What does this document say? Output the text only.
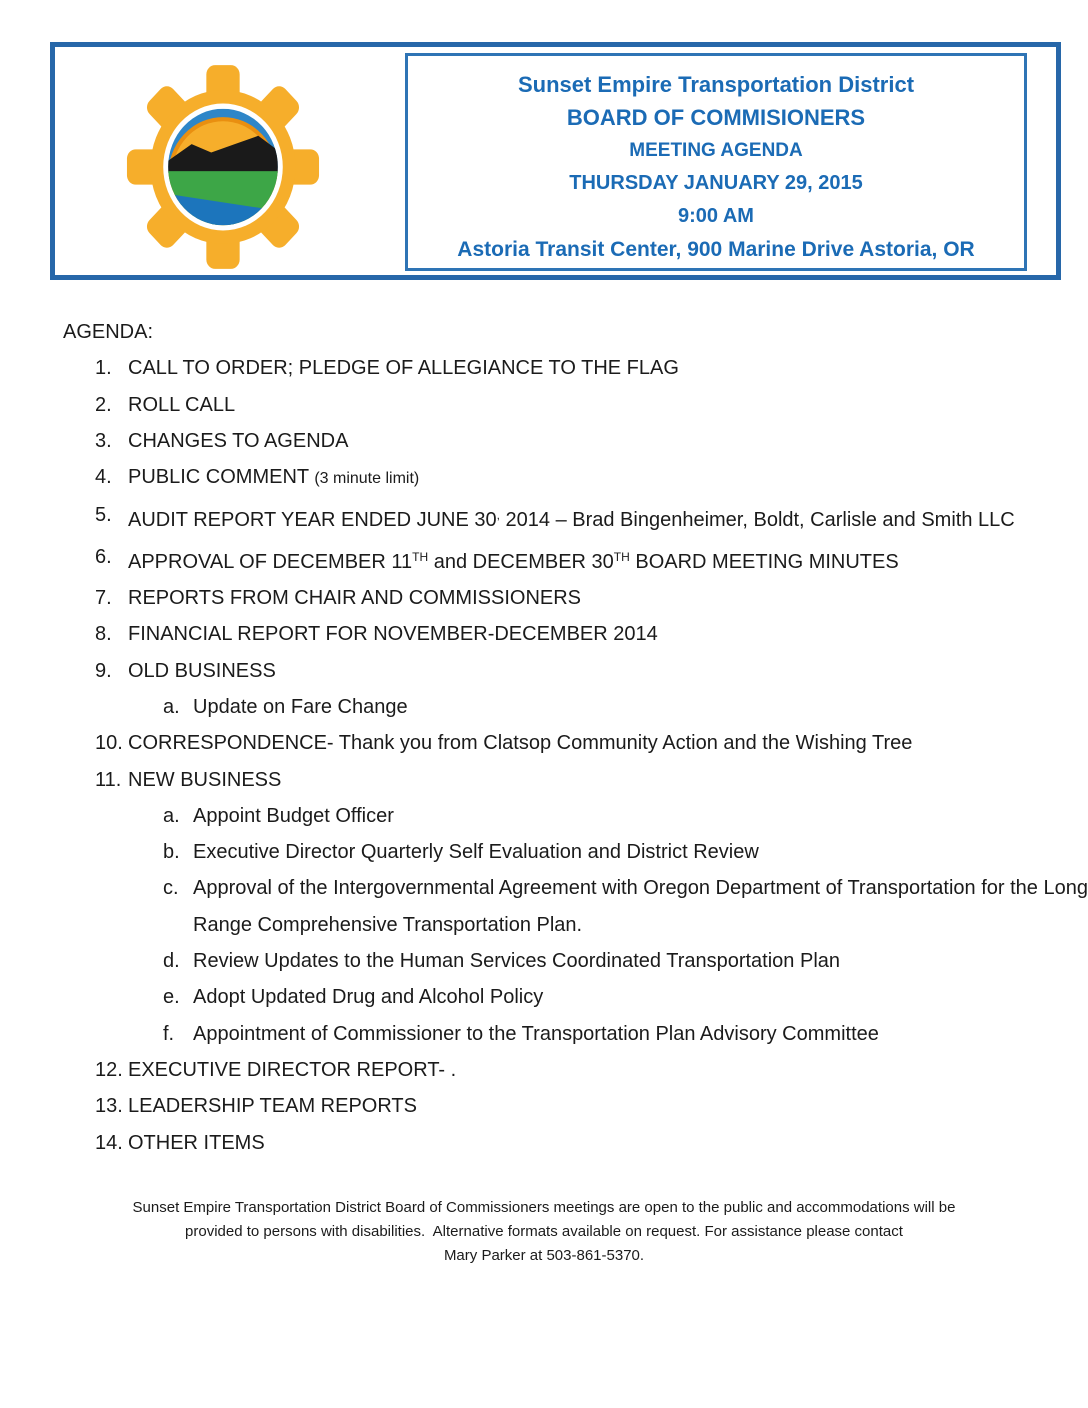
Sunset Empire Transportation District
BOARD OF COMMISIONERS
MEETING AGENDA
THURSDAY JANUARY 29, 2015
9:00 AM
Astoria Transit Center, 900 Marine Drive Astoria, OR
AGENDA:
1. CALL TO ORDER; PLEDGE OF ALLEGIANCE TO THE FLAG
2. ROLL CALL
3. CHANGES TO AGENDA
4. PUBLIC COMMENT (3 minute limit)
5. AUDIT REPORT YEAR ENDED JUNE 30, 2014 – Brad Bingenheimer, Boldt, Carlisle and Smith LLC
6. APPROVAL OF DECEMBER 11TH and DECEMBER 30TH BOARD MEETING MINUTES
7. REPORTS FROM CHAIR AND COMMISSIONERS
8. FINANCIAL REPORT FOR NOVEMBER-DECEMBER 2014
9. OLD BUSINESS
a. Update on Fare Change
10. CORRESPONDENCE- Thank you from Clatsop Community Action and the Wishing Tree
11. NEW BUSINESS
a. Appoint Budget Officer
b. Executive Director Quarterly Self Evaluation and District Review
c. Approval of the Intergovernmental Agreement with Oregon Department of Transportation for the Long
Range Comprehensive Transportation Plan.
d. Review Updates to the Human Services Coordinated Transportation Plan
e. Adopt Updated Drug and Alcohol Policy
f. Appointment of Commissioner to the Transportation Plan Advisory Committee
12. EXECUTIVE DIRECTOR REPORT- .
13. LEADERSHIP TEAM REPORTS
14. OTHER ITEMS
Sunset Empire Transportation District Board of Commissioners meetings are open to the public and accommodations will be
provided to persons with disabilities.  Alternative formats available on request. For assistance please contact
Mary Parker at 503-861-5370.
